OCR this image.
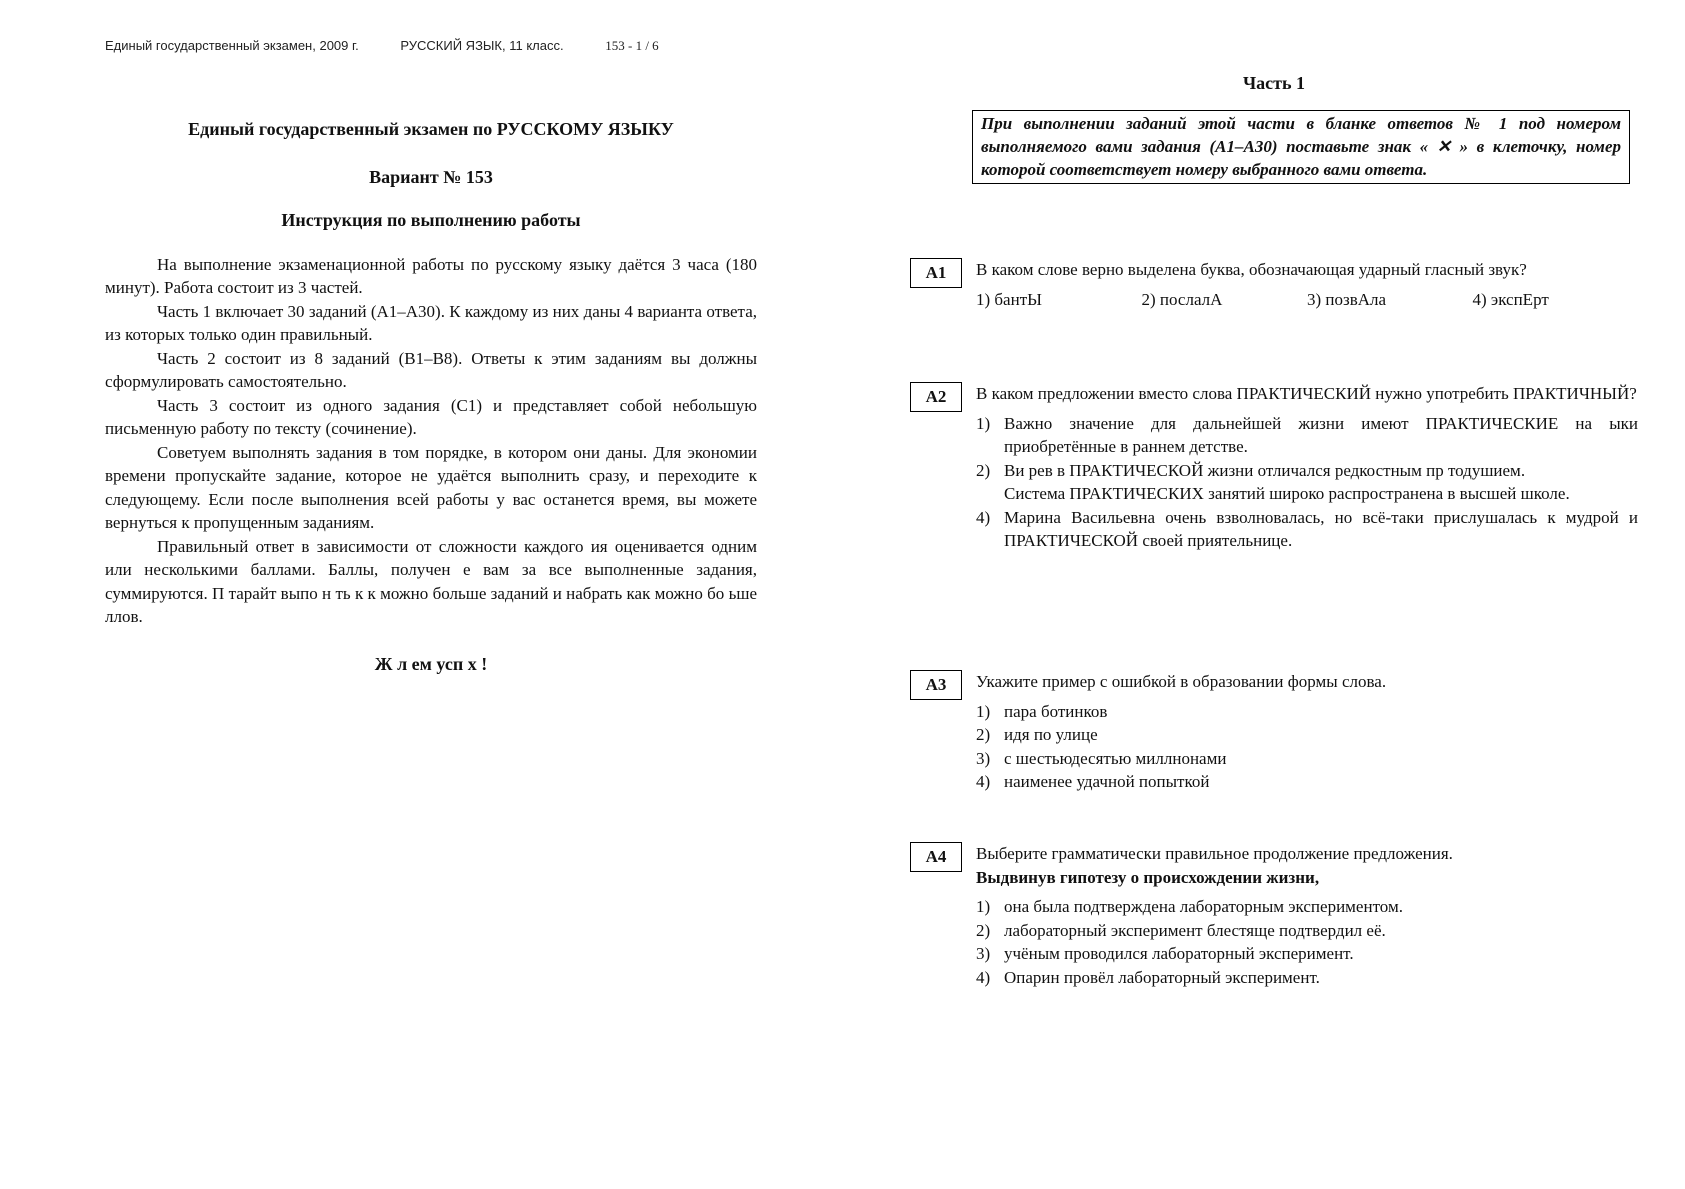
Единый государственный экзамен, 2009 г.	РУССКИЙ ЯЗЫК, 11 класс.	153 - 1 / 6
Единый государственный экзамен по РУССКОМУ ЯЗЫКУ
Вариант № 153
Инструкция по выполнению работы

На выполнение экзаменационной работы по русскому языку даётся 3 часа (180 минут). Работа состоит из 3 частей.

Часть 1 включает 30 заданий (А1–А30). К каждому из них даны 4 варианта ответа, из которых только один правильный.

Часть 2 состоит из 8 заданий (В1–В8). Ответы к этим заданиям вы должны сформулировать самостоятельно.

Часть 3 состоит из одного задания (С1) и представляет собой небольшую письменную работу по тексту (сочинение).

Советуем выполнять задания в том порядке, в котором они даны. Для экономии времени пропускайте задание, которое не удаётся выполнить сразу, и переходите к следующему. Если после выполнения всей работы у вас останется время, вы можете вернуться к пропущенным заданиям.

Правильный ответ в зависимости от сложности каждого ия оценивается одним или несколькими баллами. Баллы, получен е вам за все выполненные задания, суммируются. П тарайт выпо н ть к к можно больше заданий и набрать как можно бо ьше ллов.

Ж л ем усп х !

Часть 1
При выполнении заданий этой части в бланке ответов № 1 под номером выполняемого вами задания (А1–А30) поставьте знак « ✕ » в клеточку, номер которой соответствует номеру выбранного вами ответа.
А1	В каком слове верно выделена буква, обозначающая ударный гласный звук?

1) бантЫ	2) послалА	3) позвАла	4) экспЕрт
А2	В каком предложении вместо слова ПРАКТИЧЕСКИЙ нужно употребить ПРАКТИЧНЫЙ?

1) Важно значение для дальнейшей жизни имеют ПРАКТИЧЕСКИЕ на ыки приобретённые в раннем детстве.
2) Ви рев в ПРАКТИЧЕСКОЙ жизни отличался редкостным пр тодушием.
Система ПРАКТИЧЕСКИХ занятий широко распространена в высшей школе.
4) Марина Васильевна очень взволновалась, но всё-таки прислушалась к мудрой и ПРАКТИЧЕСКОЙ своей приятельнице.
А3	Укажите пример с ошибкой в образовании формы слова.

1) пара ботинков
2) идя по улице
3) с шестьюдесятью миллнонами
4) наименее удачной попыткой
А4	Выберите грамматически правильное продолжение предложения.

Выдвинув гипотезу о происхождении жизни,

1) она была подтверждена лабораторным экспериментом.
2) лабораторный эксперимент блестяще подтвердил её.
3) учёным проводился лабораторный эксперимент.
4) Опарин провёл лабораторный эксперимент.
